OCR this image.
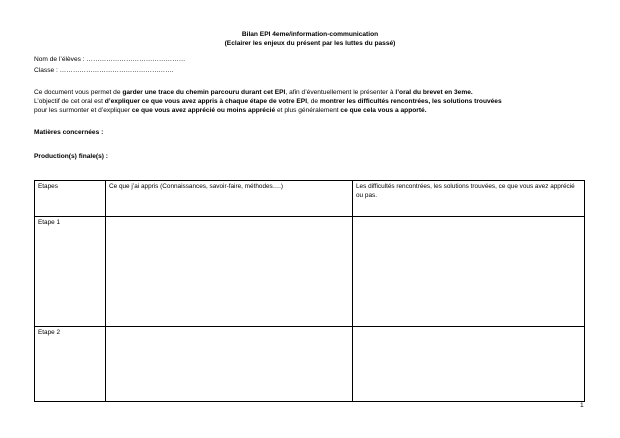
Bilan EPI 4eme/information-communication
(Eclairer les enjeux du présent par les luttes du passé)
Nom de l’élèves : ………………………………………
Classe : …………………………………………….
Ce document vous permet de garder une trace du chemin parcouru durant cet EPI, afin d’éventuellement le présenter à l’oral du brevet en 3eme.
L’objectif de cet oral est d’expliquer ce que vous avez appris à chaque étape de votre EPI, de montrer les difficultés rencontrées, les solutions trouvées
pour les surmonter et d’expliquer ce que vous avez apprécié ou moins apprécié et plus généralement ce que cela vous a apporté.
Matières concernées :
Production(s) finale(s) :
Etapes	Ce que j’ai appris (Connaissances, savoir-faire, méthodes….)	Les difficultés rencontrées, les solutions trouvées, ce que vous avez apprécié ou pas.
Etape 1		
Etape 2		
1
